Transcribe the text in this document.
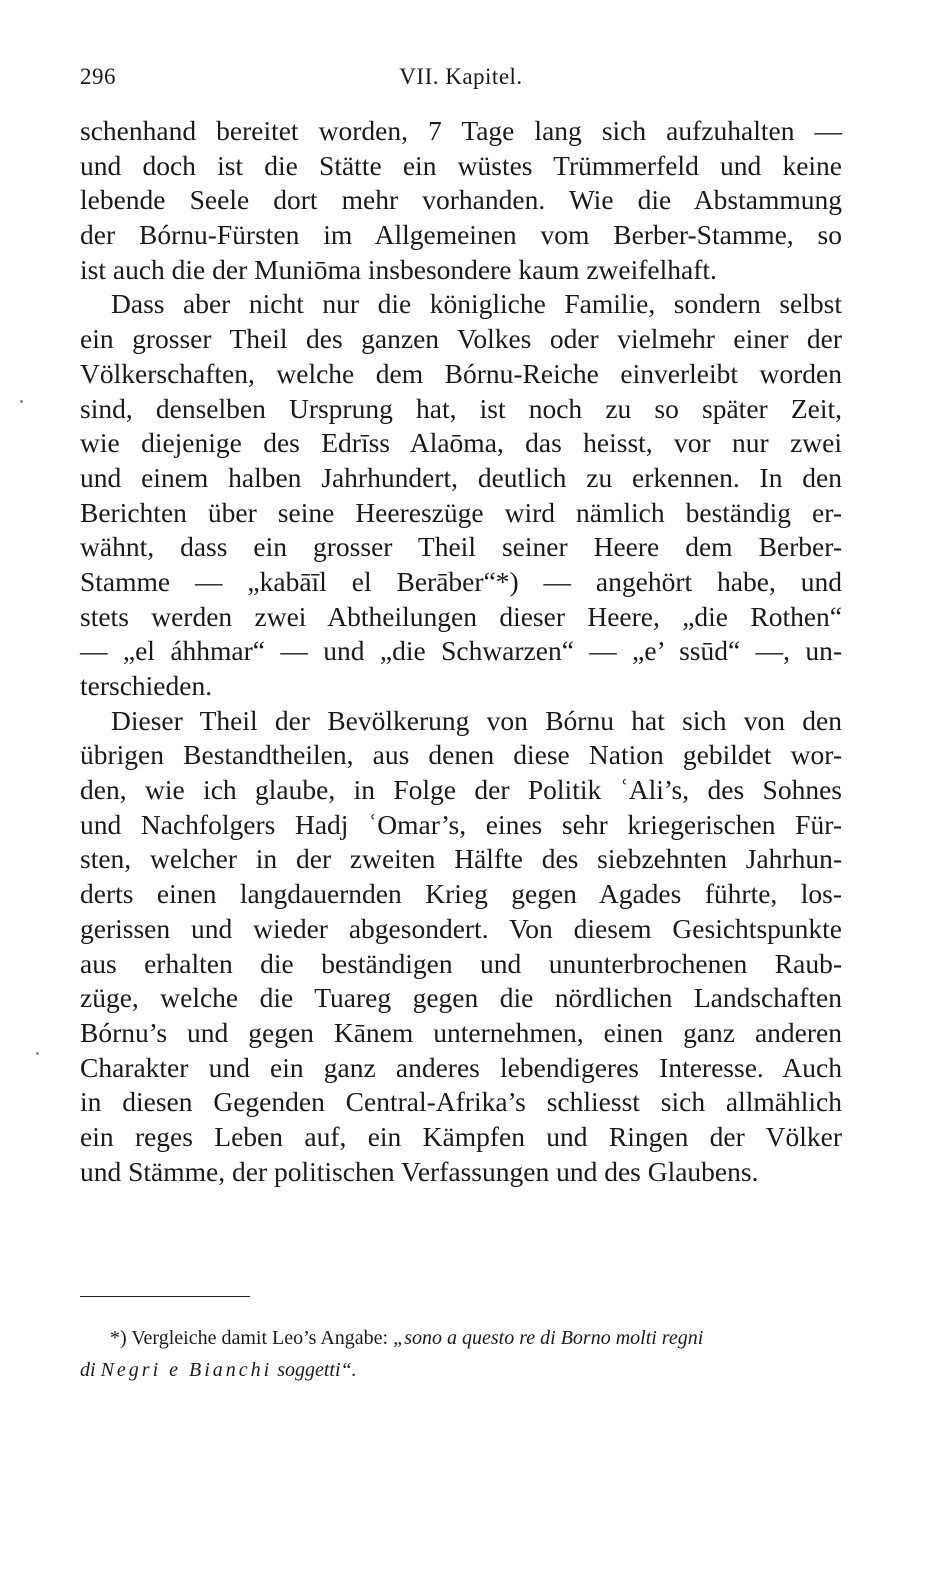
296	VII. Kapitel.
schenhand bereitet worden, 7 Tage lang sich aufzuhalten —
und doch ist die Stätte ein wüstes Trümmerfeld und keine
lebende Seele dort mehr vorhanden. Wie die Abstammung
der Bórnu-Fürsten im Allgemeinen vom Berber-Stamme, so
ist auch die der Muniōma insbesondere kaum zweifelhaft.
Dass aber nicht nur die königliche Familie, sondern selbst
ein grosser Theil des ganzen Volkes oder vielmehr einer der
Völkerschaften, welche dem Bórnu-Reiche einverleibt worden
sind, denselben Ursprung hat, ist noch zu so später Zeit,
wie diejenige des Edrīss Alaōma, das heisst, vor nur zwei
und einem halben Jahrhundert, deutlich zu erkennen. In den
Berichten über seine Heereszüge wird nämlich beständig er-
wähnt, dass ein grosser Theil seiner Heere dem Berber-
Stamme — „kabāīl el Berāber“*) — angehört habe, und
stets werden zwei Abtheilungen dieser Heere, „die Rothen“
— „el áhhmar“ — und „die Schwarzen“ — „e’ ssūd“ —, un-
terschieden.
Dieser Theil der Bevölkerung von Bórnu hat sich von den
übrigen Bestandtheilen, aus denen diese Nation gebildet wor-
den, wie ich glaube, in Folge der Politik ʿAli’s, des Sohnes
und Nachfolgers Hadj ʿOmar’s, eines sehr kriegerischen Für-
sten, welcher in der zweiten Hälfte des siebzehnten Jahrhun-
derts einen langdauernden Krieg gegen Agades führte, los-
gerissen und wieder abgesondert. Von diesem Gesichtspunkte
aus erhalten die beständigen und ununterbrochenen Raub-
züge, welche die Tuareg gegen die nördlichen Landschaften
Bórnu’s und gegen Kānem unternehmen, einen ganz anderen
Charakter und ein ganz anderes lebendigeres Interesse. Auch
in diesen Gegenden Central-Afrika’s schliesst sich allmählich
ein reges Leben auf, ein Kämpfen und Ringen der Völker
und Stämme, der politischen Verfassungen und des Glaubens.
*) Vergleiche damit Leo’s Angabe: „sono a questo re di Borno molti regni
di Negri e Bianchi soggetti“.
